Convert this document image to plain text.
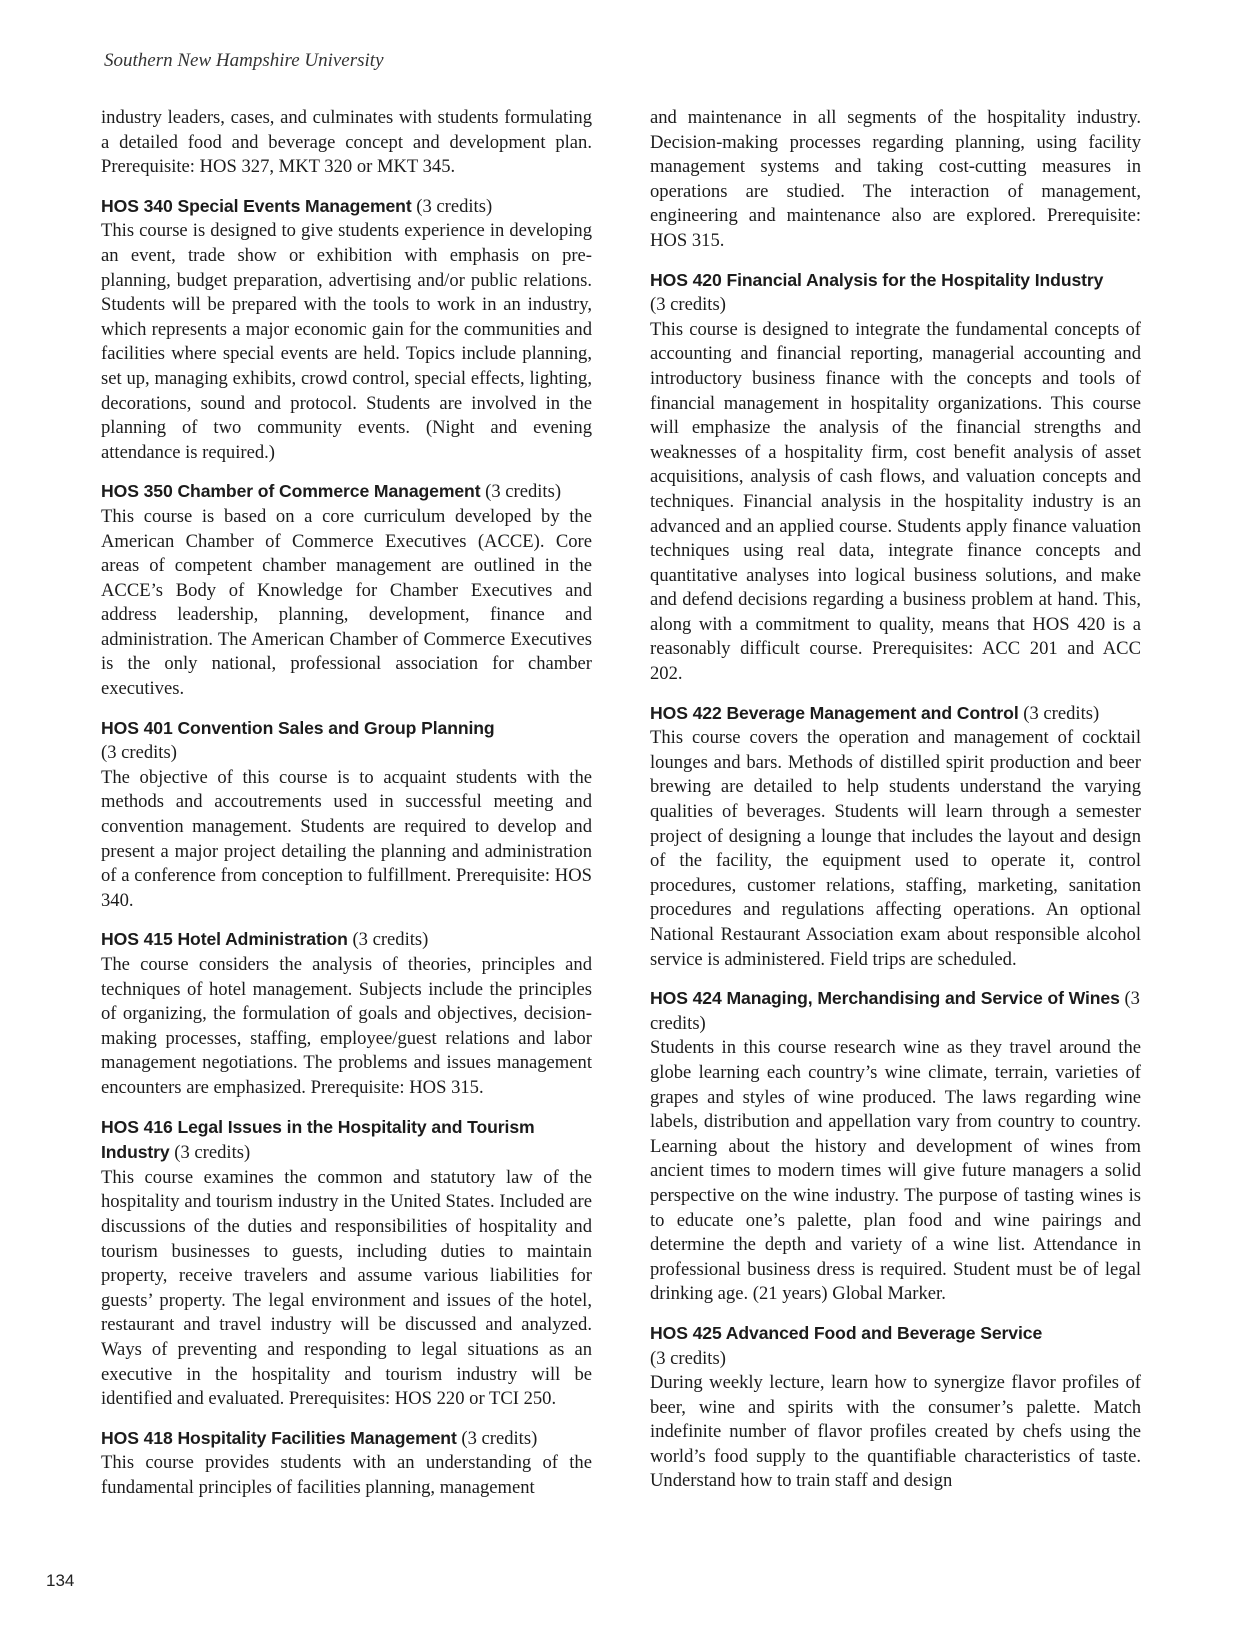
Southern New Hampshire University

industry leaders, cases, and culminates with students formulating a detailed food and beverage concept and development plan. Prerequisite: HOS 327, MKT 320 or MKT 345.

HOS 340 Special Events Management (3 credits)

This course is designed to give students experience in developing an event, trade show or exhibition with emphasis on pre-planning, budget preparation, advertising and/or public relations. Students will be prepared with the tools to work in an industry, which represents a major economic gain for the communities and facilities where special events are held. Topics include planning, set up, managing exhibits, crowd control, special effects, lighting, decorations, sound and protocol. Students are involved in the planning of two community events. (Night and evening attendance is required.)

HOS 350 Chamber of Commerce Management (3 credits)

This course is based on a core curriculum developed by the American Chamber of Commerce Executives (ACCE). Core areas of competent chamber management are outlined in the ACCE’s Body of Knowledge for Chamber Executives and address leadership, planning, development, finance and administration. The American Chamber of Commerce Executives is the only national, professional association for chamber executives.

HOS 401 Convention Sales and Group Planning
(3 credits)

The objective of this course is to acquaint students with the methods and accoutrements used in successful meeting and convention management. Students are required to develop and present a major project detailing the planning and administration of a conference from conception to fulfillment. Prerequisite: HOS 340.

HOS 415 Hotel Administration (3 credits)

The course considers the analysis of theories, principles and techniques of hotel management. Subjects include the principles of organizing, the formulation of goals and objectives, decision-making processes, staffing, employee/guest relations and labor management negotiations. The problems and issues management encounters are emphasized. Prerequisite: HOS 315.

HOS 416 Legal Issues in the Hospitality and Tourism Industry (3 credits)

This course examines the common and statutory law of the hospitality and tourism industry in the United States. Included are discussions of the duties and responsibilities of hospitality and tourism businesses to guests, including duties to maintain property, receive travelers and assume various liabilities for guests’ property. The legal environment and issues of the hotel, restaurant and travel industry will be discussed and analyzed. Ways of preventing and responding to legal situations as an executive in the hospitality and tourism industry will be identified and evaluated. Prerequisites: HOS 220 or TCI 250.

HOS 418 Hospitality Facilities Management (3 credits)

This course provides students with an understanding of the fundamental principles of facilities planning, management

and maintenance in all segments of the hospitality industry. Decision-making processes regarding planning, using facility management systems and taking cost-cutting measures in operations are studied. The interaction of management, engineering and maintenance also are explored. Prerequisite: HOS 315.

HOS 420 Financial Analysis for the Hospitality Industry
(3 credits)

This course is designed to integrate the fundamental concepts of accounting and financial reporting, managerial accounting and introductory business finance with the concepts and tools of financial management in hospitality organizations. This course will emphasize the analysis of the financial strengths and weaknesses of a hospitality firm, cost benefit analysis of asset acquisitions, analysis of cash flows, and valuation concepts and techniques. Financial analysis in the hospitality industry is an advanced and an applied course. Students apply finance valuation techniques using real data, integrate finance concepts and quantitative analyses into logical business solutions, and make and defend decisions regarding a business problem at hand. This, along with a commitment to quality, means that HOS 420 is a reasonably difficult course. Prerequisites: ACC 201 and ACC 202.

HOS 422 Beverage Management and Control (3 credits)

This course covers the operation and management of cocktail lounges and bars. Methods of distilled spirit production and beer brewing are detailed to help students understand the varying qualities of beverages. Students will learn through a semester project of designing a lounge that includes the layout and design of the facility, the equipment used to operate it, control procedures, customer relations, staffing, marketing, sanitation procedures and regulations affecting operations. An optional National Restaurant Association exam about responsible alcohol service is administered. Field trips are scheduled.

HOS 424 Managing, Merchandising and Service of Wines (3 credits)

Students in this course research wine as they travel around the globe learning each country’s wine climate, terrain, varieties of grapes and styles of wine produced. The laws regarding wine labels, distribution and appellation vary from country to country. Learning about the history and development of wines from ancient times to modern times will give future managers a solid perspective on the wine industry. The purpose of tasting wines is to educate one’s palette, plan food and wine pairings and determine the depth and variety of a wine list. Attendance in professional business dress is required. Student must be of legal drinking age. (21 years) Global Marker.

HOS 425 Advanced Food and Beverage Service
(3 credits)

During weekly lecture, learn how to synergize flavor profiles of beer, wine and spirits with the consumer’s palette. Match indefinite number of flavor profiles created by chefs using the world’s food supply to the quantifiable characteristics of taste. Understand how to train staff and design

134
